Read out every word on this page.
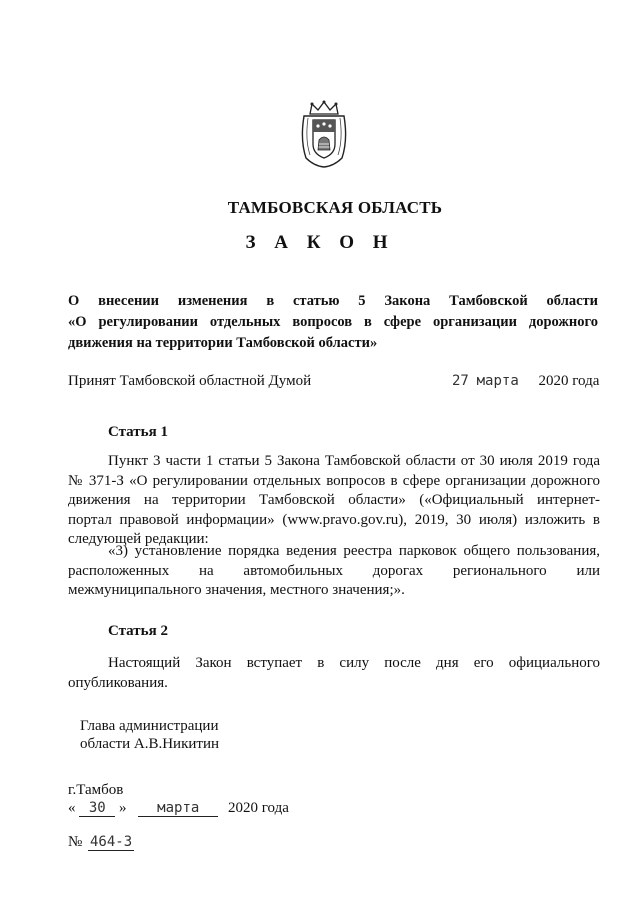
ТАМБОВСКАЯ ОБЛАСТЬ
З А К О Н
О внесении изменения в статью 5 Закона Тамбовской области
«О регулировании отдельных вопросов в сфере организации дорожного
движения на территории Тамбовской области»
Принят Тамбовской областной Думой	27 марта 2020 года
Статья 1
Пункт 3 части 1 статьи 5 Закона Тамбовской области от 30 июля 2019 года
№ 371-З «О регулировании отдельных вопросов в сфере организации дорожного
движения на территории Тамбовской области» («Официальный интернет-
портал правовой информации» (www.pravo.gov.ru), 2019, 30 июля) изложить в
следующей редакции:
«3) установление порядка ведения реестра парковок общего пользования,
расположенных на автомобильных дорогах регионального или
межмуниципального значения, местного значения;».
Статья 2
Настоящий Закон вступает в силу после дня его официального
опубликования.
Глава администрации
области А.В.Никитин
г.Тамбов
« 30 » марта 2020 года
№ 464-З
